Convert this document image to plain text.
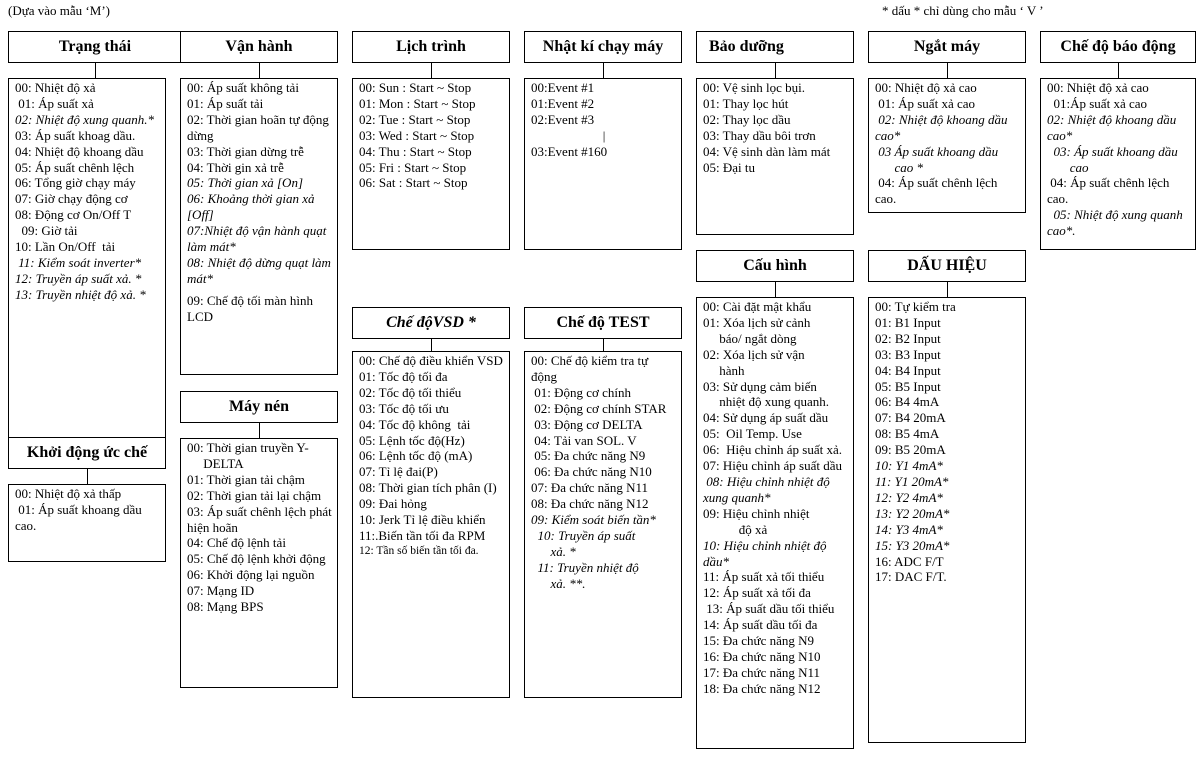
(Dựa vào mẫu ‘M’)	* dấu * chỉ dùng cho mẫu ‘ V ’
Trạng thái
00: Nhiệt độ xả
01: Áp suất xả
02: Nhiệt độ xung quanh.*
03: Áp suất khoag dầu.
04: Nhiệt độ khoang dầu
05: Áp suất chênh lệch
06: Tổng giờ chạy máy
07: Giờ chạy động cơ
08: Động cơ On/Off T
09: Giờ tải
10: Lần On/Off  tải
11: Kiểm soát inverter*
12: Truyền áp suất xả. *
13: Truyền nhiệt độ xả. *
Khởi động ức chế
00: Nhiệt độ xả thấp
01: Áp suất khoang dầu cao.
Vận hành
00: Áp suất không tải
01: Áp suất tải
02: Thời gian hoãn tự động dừng
03: Thời gian dừng trễ
04: Thời gin xả trễ
05: Thời gian xả [On]
06: Khoảng thời gian xả [Off]
07:Nhiệt độ vận hành quạt làm mát*
08: Nhiệt độ dừng quạt làm mát*
09: Chế độ tối màn hình LCD
Máy nén
00: Thời gian truyền Y-
DELTA
01: Thời gian tải chậm
02: Thời gian tải lại chậm
03: Áp suất chênh lệch phát hiện hoãn
04: Chế độ lệnh tải
05: Chế độ lệnh khởi động
06: Khởi động lại nguồn
07: Mạng ID
08: Mạng BPS
Lịch trình
00: Sun : Start ~ Stop
01: Mon : Start ~ Stop
02: Tue : Start ~ Stop
03: Wed : Start ~ Stop
04: Thu : Start ~ Stop
05: Fri : Start ~ Stop
06: Sat : Start ~ Stop
Chế độVSD *
00: Chế độ điều khiển VSD
01: Tốc độ tối đa
02: Tốc độ tối thiểu
03: Tốc độ tối ưu
04: Tốc độ không  tải
05: Lệnh tốc độ(Hz)
06: Lệnh tốc độ (mA)
07: Tỉ lệ đai(P)
08: Thời gian tích phân (I)
09: Đai hỏng
10: Jerk Tỉ lệ điều khiển
11:.Biến tần tối đa RPM
12: Tần số biến tần tối đa.
Nhật kí chạy máy
00:Event #1
01:Event #2
02:Event #3
|
03:Event #160
Chế độ TEST
00: Chế độ kiểm tra tự động
01: Động cơ chính
02: Động cơ chính STAR
03: Động cơ DELTA
04: Tải van SOL. V
05: Đa chức năng N9
06: Đa chức năng N10
07: Đa chức năng N11
08: Đa chức năng N12
09: Kiểm soát biến tần*
10: Truyền áp suất
xả. *
11: Truyền nhiệt độ
xả. **.
Bảo dưỡng
00: Vệ sinh lọc bụi.
01: Thay lọc hút
02: Thay lọc dầu
03: Thay dầu bôi trơn
04: Vệ sinh dàn làm mát
05: Đại tu
Cấu hình
00: Cài đặt mật khẩu
01: Xóa lịch sử cảnh
báo/ ngắt dòng
02: Xóa lịch sử vận
hành
03: Sử dụng cảm biến
nhiệt độ xung quanh.
04: Sử dụng áp suất dầu
05:  Oil Temp. Use
06:  Hiệu chỉnh áp suất xả.
07: Hiệu chỉnh áp suất dầu
08: Hiệu chỉnh nhiệt độ xung quanh*
09: Hiệu chỉnh nhiệt
độ xả
10: Hiệu chỉnh nhiệt độ dầu*
11: Áp suất xả tối thiểu
12: Áp suất xả tối đa
13: Áp suất dầu tối thiểu
14: Áp suất dầu tối đa
15: Đa chức năng N9
16: Đa chức năng N10
17: Đa chức năng N11
18: Đa chức năng N12
Ngắt máy
00: Nhiệt độ xả cao
01: Áp suất xả cao
02: Nhiệt độ khoang dầu cao*
03 Áp suất khoang dầu
cao *
04: Áp suất chênh lệch cao.
DẤU HIỆU
00: Tự kiểm tra
01: B1 Input
02: B2 Input
03: B3 Input
04: B4 Input
05: B5 Input
06: B4 4mA
07: B4 20mA
08: B5 4mA
09: B5 20mA
10: Y1 4mA*
11: Y1 20mA*
12: Y2 4mA*
13: Y2 20mA*
14: Y3 4mA*
15: Y3 20mA*
16: ADC F/T
17: DAC F/T.
Chế độ báo động
00: Nhiệt độ xả cao
01:Áp suất xả cao
02: Nhiệt độ khoang dầu cao*
03: Áp suất khoang dầu
cao
04: Áp suất chênh lệch cao.
05: Nhiệt độ xung quanh cao*.
